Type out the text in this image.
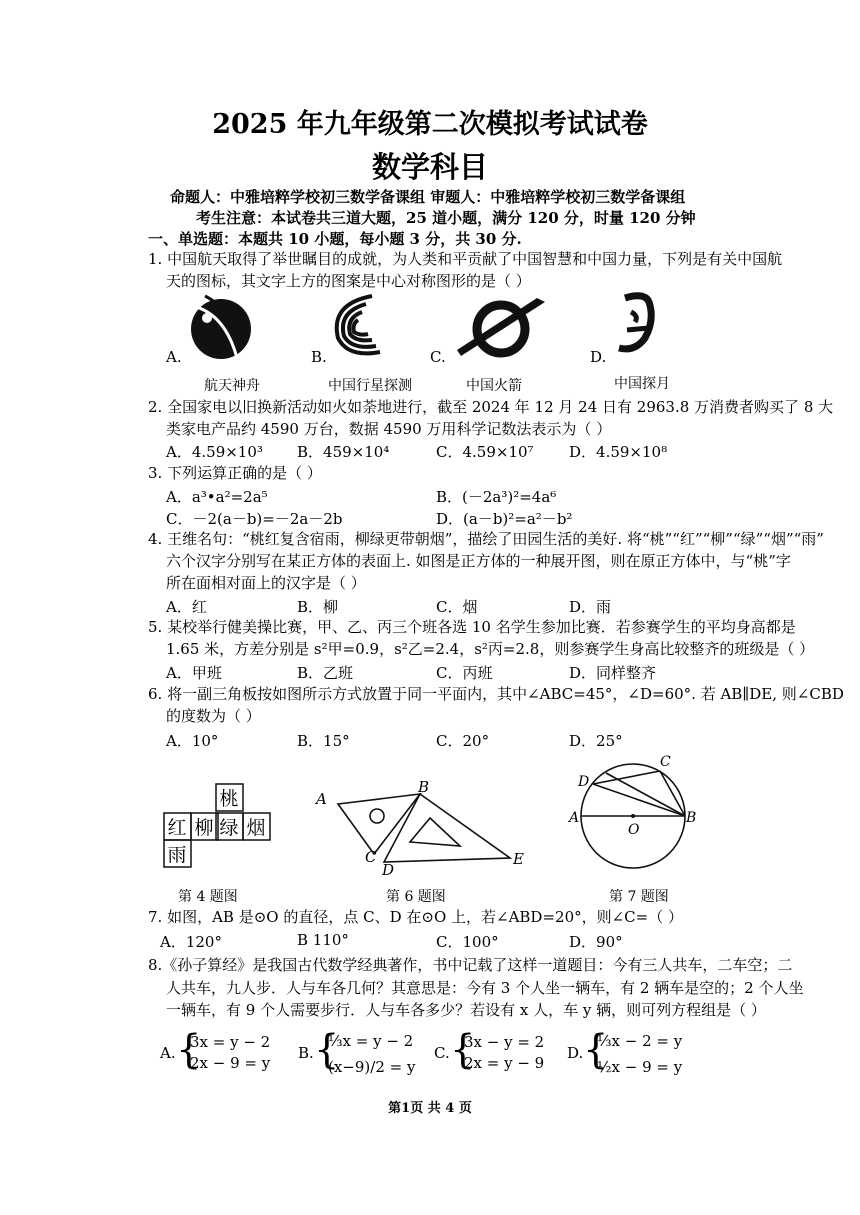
2025 年九年级第二次模拟考试试卷
数学科目
命题人：中雅培粹学校初三数学备课组 审题人：中雅培粹学校初三数学备课组
考生注意：本试卷共三道大题，25 道小题，满分 120 分，时量 120 分钟
一、单选题：本题共 10 小题，每小题 3 分，共 30 分.
1. 中国航天取得了举世瞩目的成就，为人类和平贡献了中国智慧和中国力量，下列是有关中国航
天的图标，其文字上方的图案是中心对称图形的是（ ）
A.	B.	C.	D.
航天神舟	中国行星探测	中国火箭	中国探月
2. 全国家电以旧换新活动如火如荼地进行，截至 2024 年 12 月 24 日有 2963.8 万消费者购买了 8 大
类家电产品约 4590 万台，数据 4590 万用科学记数法表示为（ ）
A．4.59×10³ B．459×10⁴	C．4.59×10⁷ D．4.59×10⁸
3. 下列运算正确的是（ ）
A．a³•a²=2a⁵	B．(－2a³)²=4a⁶
C．－2(a－b)=－2a－2b	D．(a－b)²=a²－b²
4. 王维名句：“桃红复含宿雨，柳绿更带朝烟”，描绘了田园生活的美好. 将“桃”“红”“柳”“绿”“烟”“雨”
六个汉字分别写在某正方体的表面上. 如图是正方体的一种展开图，则在原正方体中，与“桃”字
所在面相对面上的汉字是（ ）
A．红	B．柳	C．烟	D．雨
5. 某校举行健美操比赛，甲、乙、丙三个班各选 10 名学生参加比赛．若参赛学生的平均身高都是
1.65 米，方差分别是 s²甲=0.9，s²乙=2.4，s²丙=2.8，则参赛学生身高比较整齐的班级是（ ）
A．甲班	B．乙班	C．丙班	D．同样整齐
6. 将一副三角板按如图所示方式放置于同一平面内，其中∠ABC=45°，∠D=60°. 若 AB∥DE, 则∠CBD
的度数为（ ）
A．10°	B．15°	C．20°	D．25°
桃
红 柳 绿 烟
雨
A
B
C
D
E
D
C
A
O
B
第 4 题图	第 6 题图	第 7 题图
7. 如图，AB 是⊙O 的直径，点 C、D 在⊙O 上，若∠ABD=20°，则∠C=（ ）
A．120°	B 110°	C．100°	D．90°
8.《孙子算经》是我国古代数学经典著作，书中记载了这样一道题目：今有三人共车，二车空；二
人共车，九人步．人与车各几何？其意思是：今有 3 个人坐一辆车，有 2 辆车是空的；2 个人坐
一辆车，有 9 个人需要步行．人与车各多少？若设有 x 人，车 y 辆，则可列方程组是（ ）
A. {
3x = y − 2
2x − 9 = y
B. {
⅓x = y − 2
(x−9)/2 = y
C. {
3x − y = 2
2x = y − 9
D. {
⅓x − 2 = y
½x − 9 = y
第1页 共 4 页
